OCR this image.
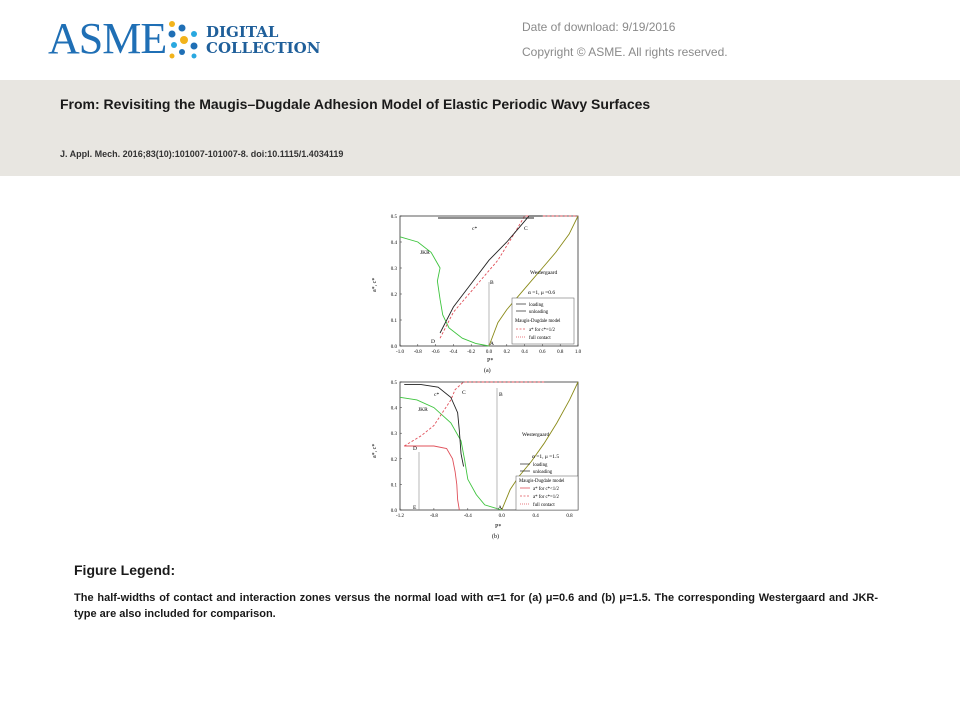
ASME	DIGITAL
COLLECTION
Date of download: 9/19/2016
Copyright © ASME. All rights reserved.
From: Revisiting the Maugis–Dugdale Adhesion Model of Elastic Periodic Wavy Surfaces
J. Appl. Mech. 2016;83(10):101007-101007-8. doi:10.1115/1.4034119
0.0
0.1
0.2
0.3
0.4
0.5
-1.0 -0.8 -0.6 -0.4 -0.2 0.0 0.2 0.4 0.6 0.8 1.0
a*, c*
P*
(a)
JKR
Westergaard
c*
A
B
C
D
α =1, μ =0.6
loading
unloading
Maugis-Dugdale model
a* for c*=1/2
full contact
0.0
0.1
0.2
0.3
0.4
0.5
-1.2	-0.8	-0.4	0.0	0.4	0.8
a*, c*
P*
(b)
JKR
Westergaard
c*
A
B
C
D
E
α =1, μ =1.5
loading
unloading
Maugis-Dugdale model
a* for c*<1/2
a* for c*=1/2
full contact
Figure Legend:
The half-widths of contact and interaction zones versus the normal load with α=1 for (a) μ=0.6 and (b) μ=1.5. The corresponding Westergaard and JKR-type are also included for comparison.
